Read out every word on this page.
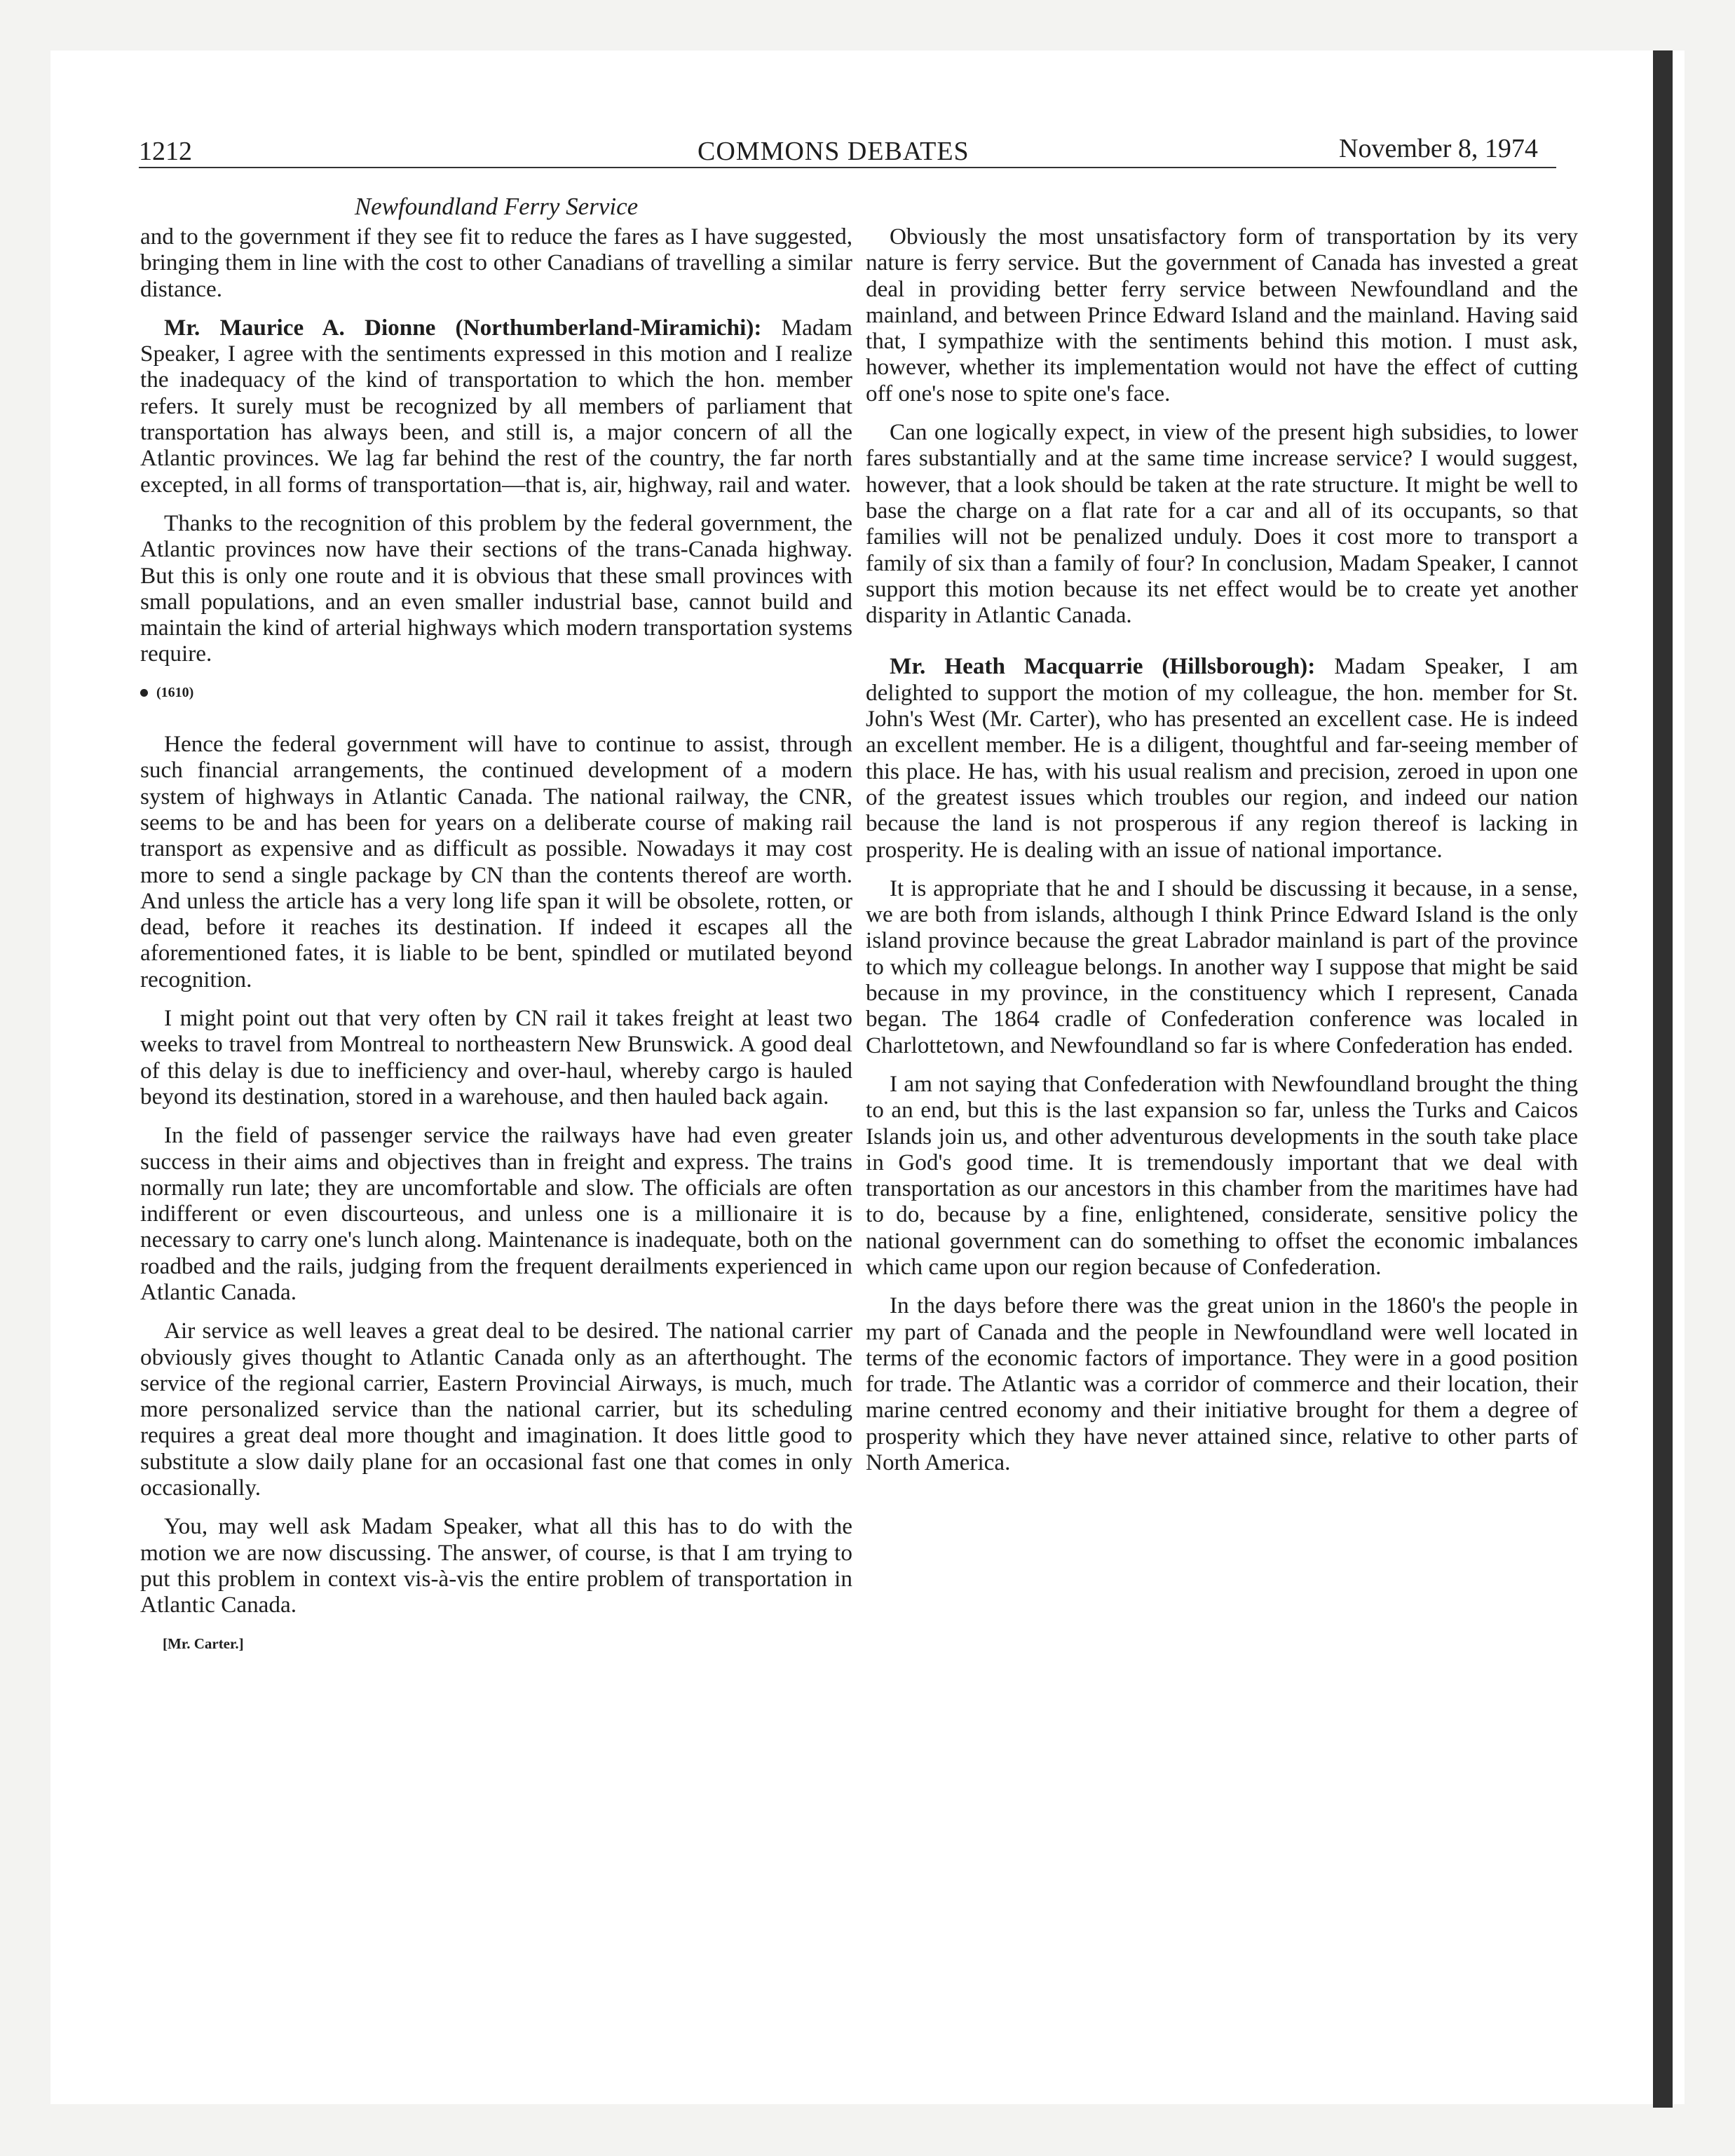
1212	COMMONS DEBATES	November 8, 1974
Newfoundland Ferry Service

and to the government if they see fit to reduce the fares as I have suggested, bringing them in line with the cost to other Canadians of travelling a similar distance.

Mr. Maurice A. Dionne (Northumberland-Miramichi): Madam Speaker, I agree with the sentiments expressed in this motion and I realize the inadequacy of the kind of transportation to which the hon. member refers. It surely must be recognized by all members of parliament that transportation has always been, and still is, a major concern of all the Atlantic provinces. We lag far behind the rest of the country, the far north excepted, in all forms of transportation—that is, air, highway, rail and water.

Thanks to the recognition of this problem by the federal government, the Atlantic provinces now have their sections of the trans-Canada highway. But this is only one route and it is obvious that these small provinces with small populations, and an even smaller industrial base, cannot build and maintain the kind of arterial highways which modern transportation systems require.

(1610)

Hence the federal government will have to continue to assist, through such financial arrangements, the continued development of a modern system of highways in Atlantic Canada. The national railway, the CNR, seems to be and has been for years on a deliberate course of making rail transport as expensive and as difficult as possible. Nowadays it may cost more to send a single package by CN than the contents thereof are worth. And unless the article has a very long life span it will be obsolete, rotten, or dead, before it reaches its destination. If indeed it escapes all the aforementioned fates, it is liable to be bent, spindled or mutilated beyond recognition.

I might point out that very often by CN rail it takes freight at least two weeks to travel from Montreal to northeastern New Brunswick. A good deal of this delay is due to inefficiency and over-haul, whereby cargo is hauled beyond its destination, stored in a warehouse, and then hauled back again.

In the field of passenger service the railways have had even greater success in their aims and objectives than in freight and express. The trains normally run late; they are uncomfortable and slow. The officials are often indifferent or even discourteous, and unless one is a millionaire it is necessary to carry one's lunch along. Maintenance is inadequate, both on the roadbed and the rails, judging from the frequent derailments experienced in Atlantic Canada.

Air service as well leaves a great deal to be desired. The national carrier obviously gives thought to Atlantic Canada only as an afterthought. The service of the regional carrier, Eastern Provincial Airways, is much, much more personalized service than the national carrier, but its scheduling requires a great deal more thought and imagination. It does little good to substitute a slow daily plane for an occasional fast one that comes in only occasionally.

You, may well ask Madam Speaker, what all this has to do with the motion we are now discussing. The answer, of course, is that I am trying to put this problem in context vis-à-vis the entire problem of transportation in Atlantic Canada.

[Mr. Carter.]

Obviously the most unsatisfactory form of transportation by its very nature is ferry service. But the government of Canada has invested a great deal in providing better ferry service between Newfoundland and the mainland, and between Prince Edward Island and the mainland. Having said that, I sympathize with the sentiments behind this motion. I must ask, however, whether its implementation would not have the effect of cutting off one's nose to spite one's face.

Can one logically expect, in view of the present high subsidies, to lower fares substantially and at the same time increase service? I would suggest, however, that a look should be taken at the rate structure. It might be well to base the charge on a flat rate for a car and all of its occupants, so that families will not be penalized unduly. Does it cost more to transport a family of six than a family of four? In conclusion, Madam Speaker, I cannot support this motion because its net effect would be to create yet another disparity in Atlantic Canada.

Mr. Heath Macquarrie (Hillsborough): Madam Speaker, I am delighted to support the motion of my colleague, the hon. member for St. John's West (Mr. Carter), who has presented an excellent case. He is indeed an excellent member. He is a diligent, thoughtful and far-seeing member of this place. He has, with his usual realism and precision, zeroed in upon one of the greatest issues which troubles our region, and indeed our nation because the land is not prosperous if any region thereof is lacking in prosperity. He is dealing with an issue of national importance.

It is appropriate that he and I should be discussing it because, in a sense, we are both from islands, although I think Prince Edward Island is the only island province because the great Labrador mainland is part of the province to which my colleague belongs. In another way I suppose that might be said because in my province, in the constituency which I represent, Canada began. The 1864 cradle of Confederation conference was localed in Charlottetown, and Newfoundland so far is where Confederation has ended.

I am not saying that Confederation with Newfoundland brought the thing to an end, but this is the last expansion so far, unless the Turks and Caicos Islands join us, and other adventurous developments in the south take place in God's good time. It is tremendously important that we deal with transportation as our ancestors in this chamber from the maritimes have had to do, because by a fine, enlightened, considerate, sensitive policy the national government can do something to offset the economic imbalances which came upon our region because of Confederation.

In the days before there was the great union in the 1860's the people in my part of Canada and the people in Newfoundland were well located in terms of the economic factors of importance. They were in a good position for trade. The Atlantic was a corridor of commerce and their location, their marine centred economy and their initiative brought for them a degree of prosperity which they have never attained since, relative to other parts of North America.
